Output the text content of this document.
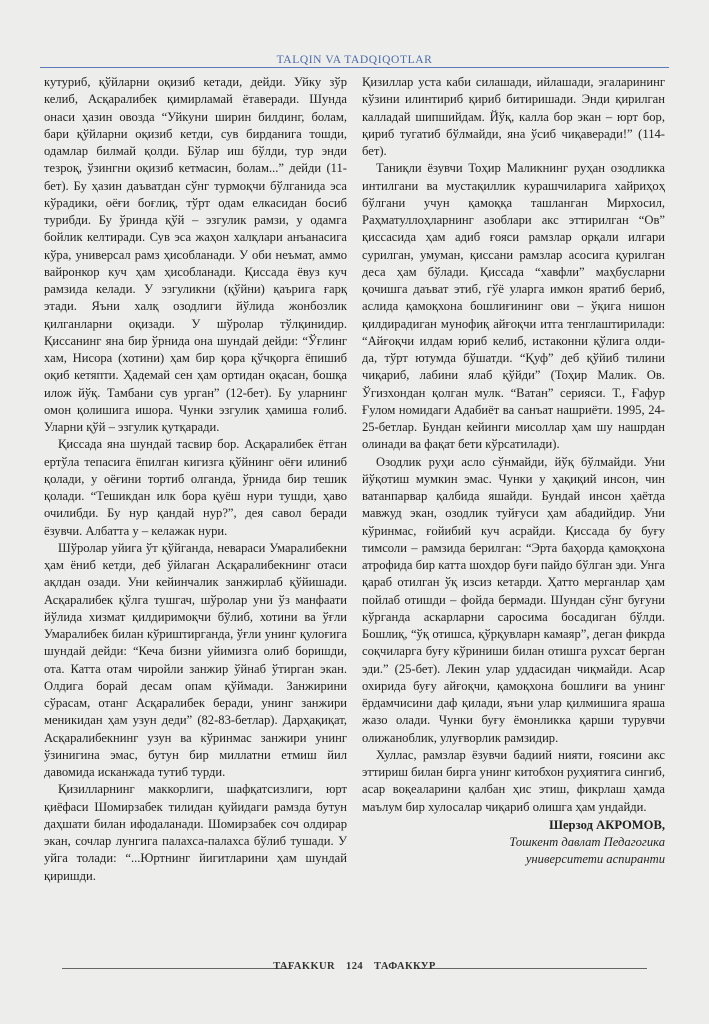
TALQIN VA TADQIQOTLAR

кутуриб, қўйларни оқизиб кетади, дейди. Уйку зўр келиб, Асқаралибек қимирламай ётаверади. Шунда онаси ҳазин овозда “Уйкуни ширин билдинг, болам, бари қўйларни оқизиб кетди, сув бирданига тошди, одамлар билмай қолди. Бўлар иш бўлди, тур энди тезроқ, ўзингни оқизиб кетмасин, болам...” дейди (11-бет). Бу ҳазин даъватдан сўнг турмоқчи бўлганида эса кўрадики, оёғи боғлиқ, тўрт одам елкасидан босиб турибди. Бу ўринда қўй – эзгулик рамзи, у одамга бойлик келтиради. Сув эса жаҳон халқлари анъанасига кўра, универсал рамз ҳисобланади. У оби неъмат, аммо вайронкор куч ҳам ҳисобланади. Қиссада ёвуз куч рамзида келади. У эзгуликни (қўйни) қаърига ғарқ этади. Яъни халқ озодлиги йўлида жонбозлик қилганларни оқизади. У шўролар тўлқинидир. Қиссанинг яна бир ўрнида она шундай дейди: “Ўғлинг хам, Нисора (хотини) ҳам бир қора қўчқорга ёпишиб оқиб кетяпти. Ҳадемай сен ҳам ортидан оқасан, бошқа илож йўқ. Тамбани сув урган” (12-бет). Бу уларнинг омон қолишига ишора. Чунки эзгулик ҳамиша ғолиб. Уларни қўй – эзгулик қутқаради.

Қиссада яна шундай тасвир бор. Асқаралибек ётган ертўла тепасига ёпилган кигизга қўйнинг оёғи илиниб қолади, у оёғини тортиб олганда, ўрнида бир тешик қолади. “Тешикдан илк бора қуёш нури тушди, ҳаво очилибди. Бу нур қандай нур?”, дея савол беради ёзувчи. Албатта у – келажак нури.

Шўролар уйига ўт қўйганда, невараси Умаралибекни ҳам ёниб кетди, деб ўйлаган Асқаралибекнинг отаси ақлдан озади. Уни кейинчалик занжирлаб қўйишади. Асқаралибек қўлга тушгач, шўролар уни ўз манфаати йўлида хизмат қилдиримоқчи бўлиб, хотини ва ўғли Умаралибек билан кўриштирганда, ўғли унинг қулоғига шундай дейди: “Кеча бизни уйимизга олиб боришди, ота. Катта отам чиройли занжир ўйнаб ўтирган экан. Олдига борай десам опам қўймади. Занжирини сўрасам, отанг Асқаралибек беради, унинг занжири меникидан ҳам узун деди” (82-83-бетлар). Дарҳақиқат, Асқаралибекнинг узун ва кўринмас занжири унинг ўзинигина эмас, бутун бир миллатни етмиш йил давомида исканжада тутиб турди.

Қизилларнинг маккорлиги, шафқатсизлиги, юрт қиёфаси Шомирзабек тилидан қуйидаги рамзда бутун даҳшати билан ифодаланади. Шомирзабек соч олдирар экан, сочлар лунгига палахса-палахса бўлиб тушади. У уйга толади: “...Юртнинг йигитларини ҳам шундай қиришди.

Қизиллар уста каби силашади, ийлашади, эгаларининг кўзини илинтириб қириб битиришади. Энди қирилган калладай шипшийдам. Йўқ, калла бор экан – юрт бор, қириб тугатиб бўлмайди, яна ўсиб чиқаверади!” (114-бет).

Таниқли ёзувчи Тоҳир Маликнинг руҳан озодликка интилгани ва мустақиллик курашчиларига хайриҳоҳ бўлгани учун қамоққа ташланган Мирхосил, Раҳматуллоҳларнинг азоблари акс эттирилган “Ов” қиссасида ҳам адиб ғояси рамзлар орқали илгари сурилган, умуман, қиссани рамзлар асосига қурилган деса ҳам бўлади. Қиссада “хавфли” маҳбусларни қочишга даъват этиб, гўё уларга имкон яратиб бериб, аслида қамоқхона бошлиғининг ови – ўқига нишон қилдирадиган мунофиқ айғоқчи итга тенглаштирилади: “Айғоқчи илдам юриб келиб, истаконни қўлига олди-да, тўрт ютумда бўшатди. “Қуф” деб қўйиб тилини чиқариб, лабини ялаб қўйди” (Тоҳир Малик. Ов. Ўгизхондан қолган мулк. “Ватан” серияси. Т., Ғафур Ғулом номидаги Адабиёт ва санъат нашриёти. 1995, 24-25-бетлар. Бундан кейинги мисоллар ҳам шу нашрдан олинади ва фақат бети кўрсатилади).

Озодлик руҳи асло сўнмайди, йўқ бўлмайди. Уни йўқотиш мумкин эмас. Чунки у ҳақиқий инсон, чин ватанпарвар қалбида яшайди. Бундай инсон ҳаётда мавжуд экан, озодлик туйғуси ҳам абадийдир. Уни кўринмас, ғойибий куч асрайди. Қиссада бу буғу тимсоли – рамзида берилган: “Эрта баҳорда қамоқхона атрофида бир катта шохдор буғи пайдо бўлган эди. Унга қараб отилган ўқ изсиз кетарди. Ҳатто мерганлар ҳам пойлаб отишди – фойда бермади. Шундан сўнг буғуни кўрганда аскарларни саросима босадиган бўлди. Бошлиқ, “ўқ отишса, қўрқувларн камаяр”, деган фикрда соқчиларга буғу кўриниши билан отишга рухсат берган эди.” (25-бет). Лекин улар уддасидан чиқмайди. Асар охирида буғу айғоқчи, қамоқхона бошлиғи ва унинг ёрдамчисини даф қилади, яъни улар қилмишига яраша жазо олади. Чунки буғу ёмонликка қарши турувчи олижаноблик, улуғворлик рамзидир.

Хуллас, рамзлар ёзувчи бадиий нияти, ғоясини акс эттириш билан бирга унинг китобхон руҳиятига сингиб, асар воқеаларини қалбан ҳис этиш, фикрлаш ҳамда маълум бир хулосалар чиқариб олишга ҳам ундайди.

Шерзод АКРОМОВ,
Тошкент давлат Педагогика
университети аспиранти
TAFAKKUR 124 ТАФАККУР
